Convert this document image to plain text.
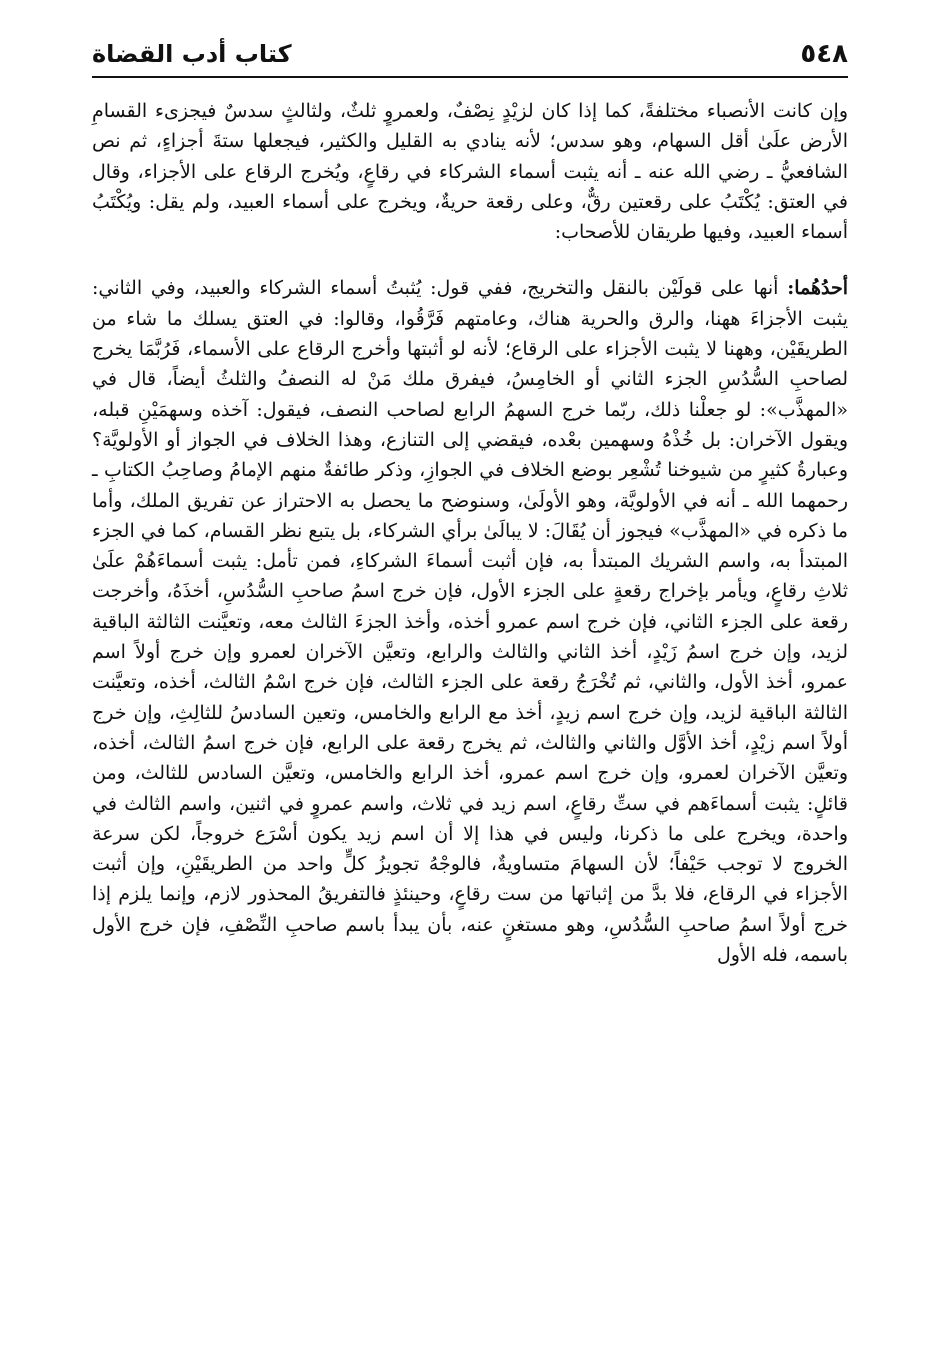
٥٤٨
كتاب أدب القضاة

وإن كانت الأنصباء مختلفةً، كما إذا كان لزيْدٍ نِصْفٌ، ولعمروٍ ثلثٌ، ولثالثٍ سدسٌ فيجزىء القسامِ الأرض علَىٰ أقل السهام، وهو سدس؛ لأنه ينادي به القليل والكثير، فيجعلها ستةَ أجزاءٍ، ثم نص الشافعيُّ ـ رضي الله عنه ـ أنه يثبت أسماء الشركاء في رقاعٍ، ويُخرج الرقاع على الأجزاء، وقال في العتق: يُكْتَبُ على رقعتين رقٌّ، وعلى رقعة حريةٌ، ويخرج على أسماء العبيد، ولم يقل: ويُكْتَبُ أسماء العبيد، وفيها طريقان للأصحاب:

أحدُهُما: أنها على قولَيْن بالنقل والتخريج، ففي قول: يُثبتُ أسماء الشركاء والعبيد، وفي الثاني: يثبت الأجزاءَ ههنا، والرق والحرية هناك، وعامتهم فَرَّقُوا، وقالوا: في العتق يسلك ما شاء من الطريقَيْن، وههنا لا يثبت الأجزاء على الرقاع؛ لأنه لو أثبتها وأخرج الرقاع على الأسماء، فَرُبَّمَا يخرج لصاحبِ السُّدُسِ الجزء الثاني أو الخامِسُ، فيفرق ملك مَنْ له النصفُ والثلثُ أيضاً، قال في «المهذَّب»: لو جعلْنا ذلك، ربّما خرج السهمُ الرابع لصاحب النصف، فيقول: آخذه وسهمَيْنِ قبله، ويقول الآخران: بل خُذْهُ وسهمين بعْده، فيقضي إلى التنازع، وهذا الخلاف في الجواز أو الأولويَّة؟ وعبارةُ كثيرٍ من شيوخنا تُشْعِر بوضع الخلاف في الجوازِ، وذكر طائفةٌ منهم الإمامُ وصاحِبُ الكتابِ ـ رحمهما الله ـ أنه في الأولويَّة، وهو الأولَىٰ، وسنوضح ما يحصل به الاحتراز عن تفريق الملك، وأما ما ذكره في «المهذَّب» فيجوز أن يُقَالَ: لا يبالَىٰ برأي الشركاء، بل يتبع نظر القسام، كما في الجزء المبتدأ به، واسم الشريك المبتدأ به، فإن أثبت أسماءَ الشركاءِ، فمن تأمل: يثبت أسماءَهُمْ علَىٰ ثلاثِ رقاعٍ، ويأمر بإخراج رقعةٍ على الجزء الأول، فإن خرج اسمُ صاحبِ السُّدُسِ، أخذَهُ، وأخرجت رقعة على الجزء الثاني، فإن خرج اسم عمرو أخذه، وأخذ الجزءَ الثالث معه، وتعيَّنت الثالثة الباقية لزيد، وإن خرج اسمُ زَيْدٍ، أخذ الثاني والثالث والرابع، وتعيَّن الآخران لعمرو وإن خرج أولاً اسم عمرو، أخذ الأول، والثاني، ثم تُخْرَجُ رقعة على الجزء الثالث، فإن خرج اسْمُ الثالث، أخذه، وتعيَّنت الثالثة الباقية لزيد، وإن خرج اسم زيدٍ، أخذ مع الرابع والخامس، وتعين السادسُ للثالِثِ، وإن خرج أولاً اسم زيْدٍ، أخذ الأوَّل والثاني والثالث، ثم يخرج رقعة على الرابع، فإن خرج اسمُ الثالث، أخذه، وتعيَّن الآخران لعمرو، وإن خرج اسم عمرو، أخذ الرابع والخامس، وتعيَّن السادس للثالث، ومن قائلٍ: يثبت أسماءَهم في ستِّ رقاعٍ، اسم زيد في ثلاث، واسم عمروٍ في اثنين، واسم الثالث في واحدة، ويخرج على ما ذكرنا، وليس في هذا إلا أن اسم زيد يكون أسْرَع خروجاً، لكن سرعة الخروج لا توجب حَيْفاً؛ لأن السهامَ متساويةٌ، فالوجْهُ تجويزُ كلٍّ واحد من الطريقَيْنِ، وإن أثبت الأجزاء في الرقاع، فلا بدَّ من إثباتها من ست رقاعٍ، وحينئذٍ فالتفريقُ المحذور لازم، وإنما يلزم إذا خرج أولاً اسمُ صاحبِ السُّدُسِ، وهو مستغنٍ عنه، بأن يبدأ باسم صاحبِ النِّصْفِ، فإن خرج الأول باسمه، فله الأول
